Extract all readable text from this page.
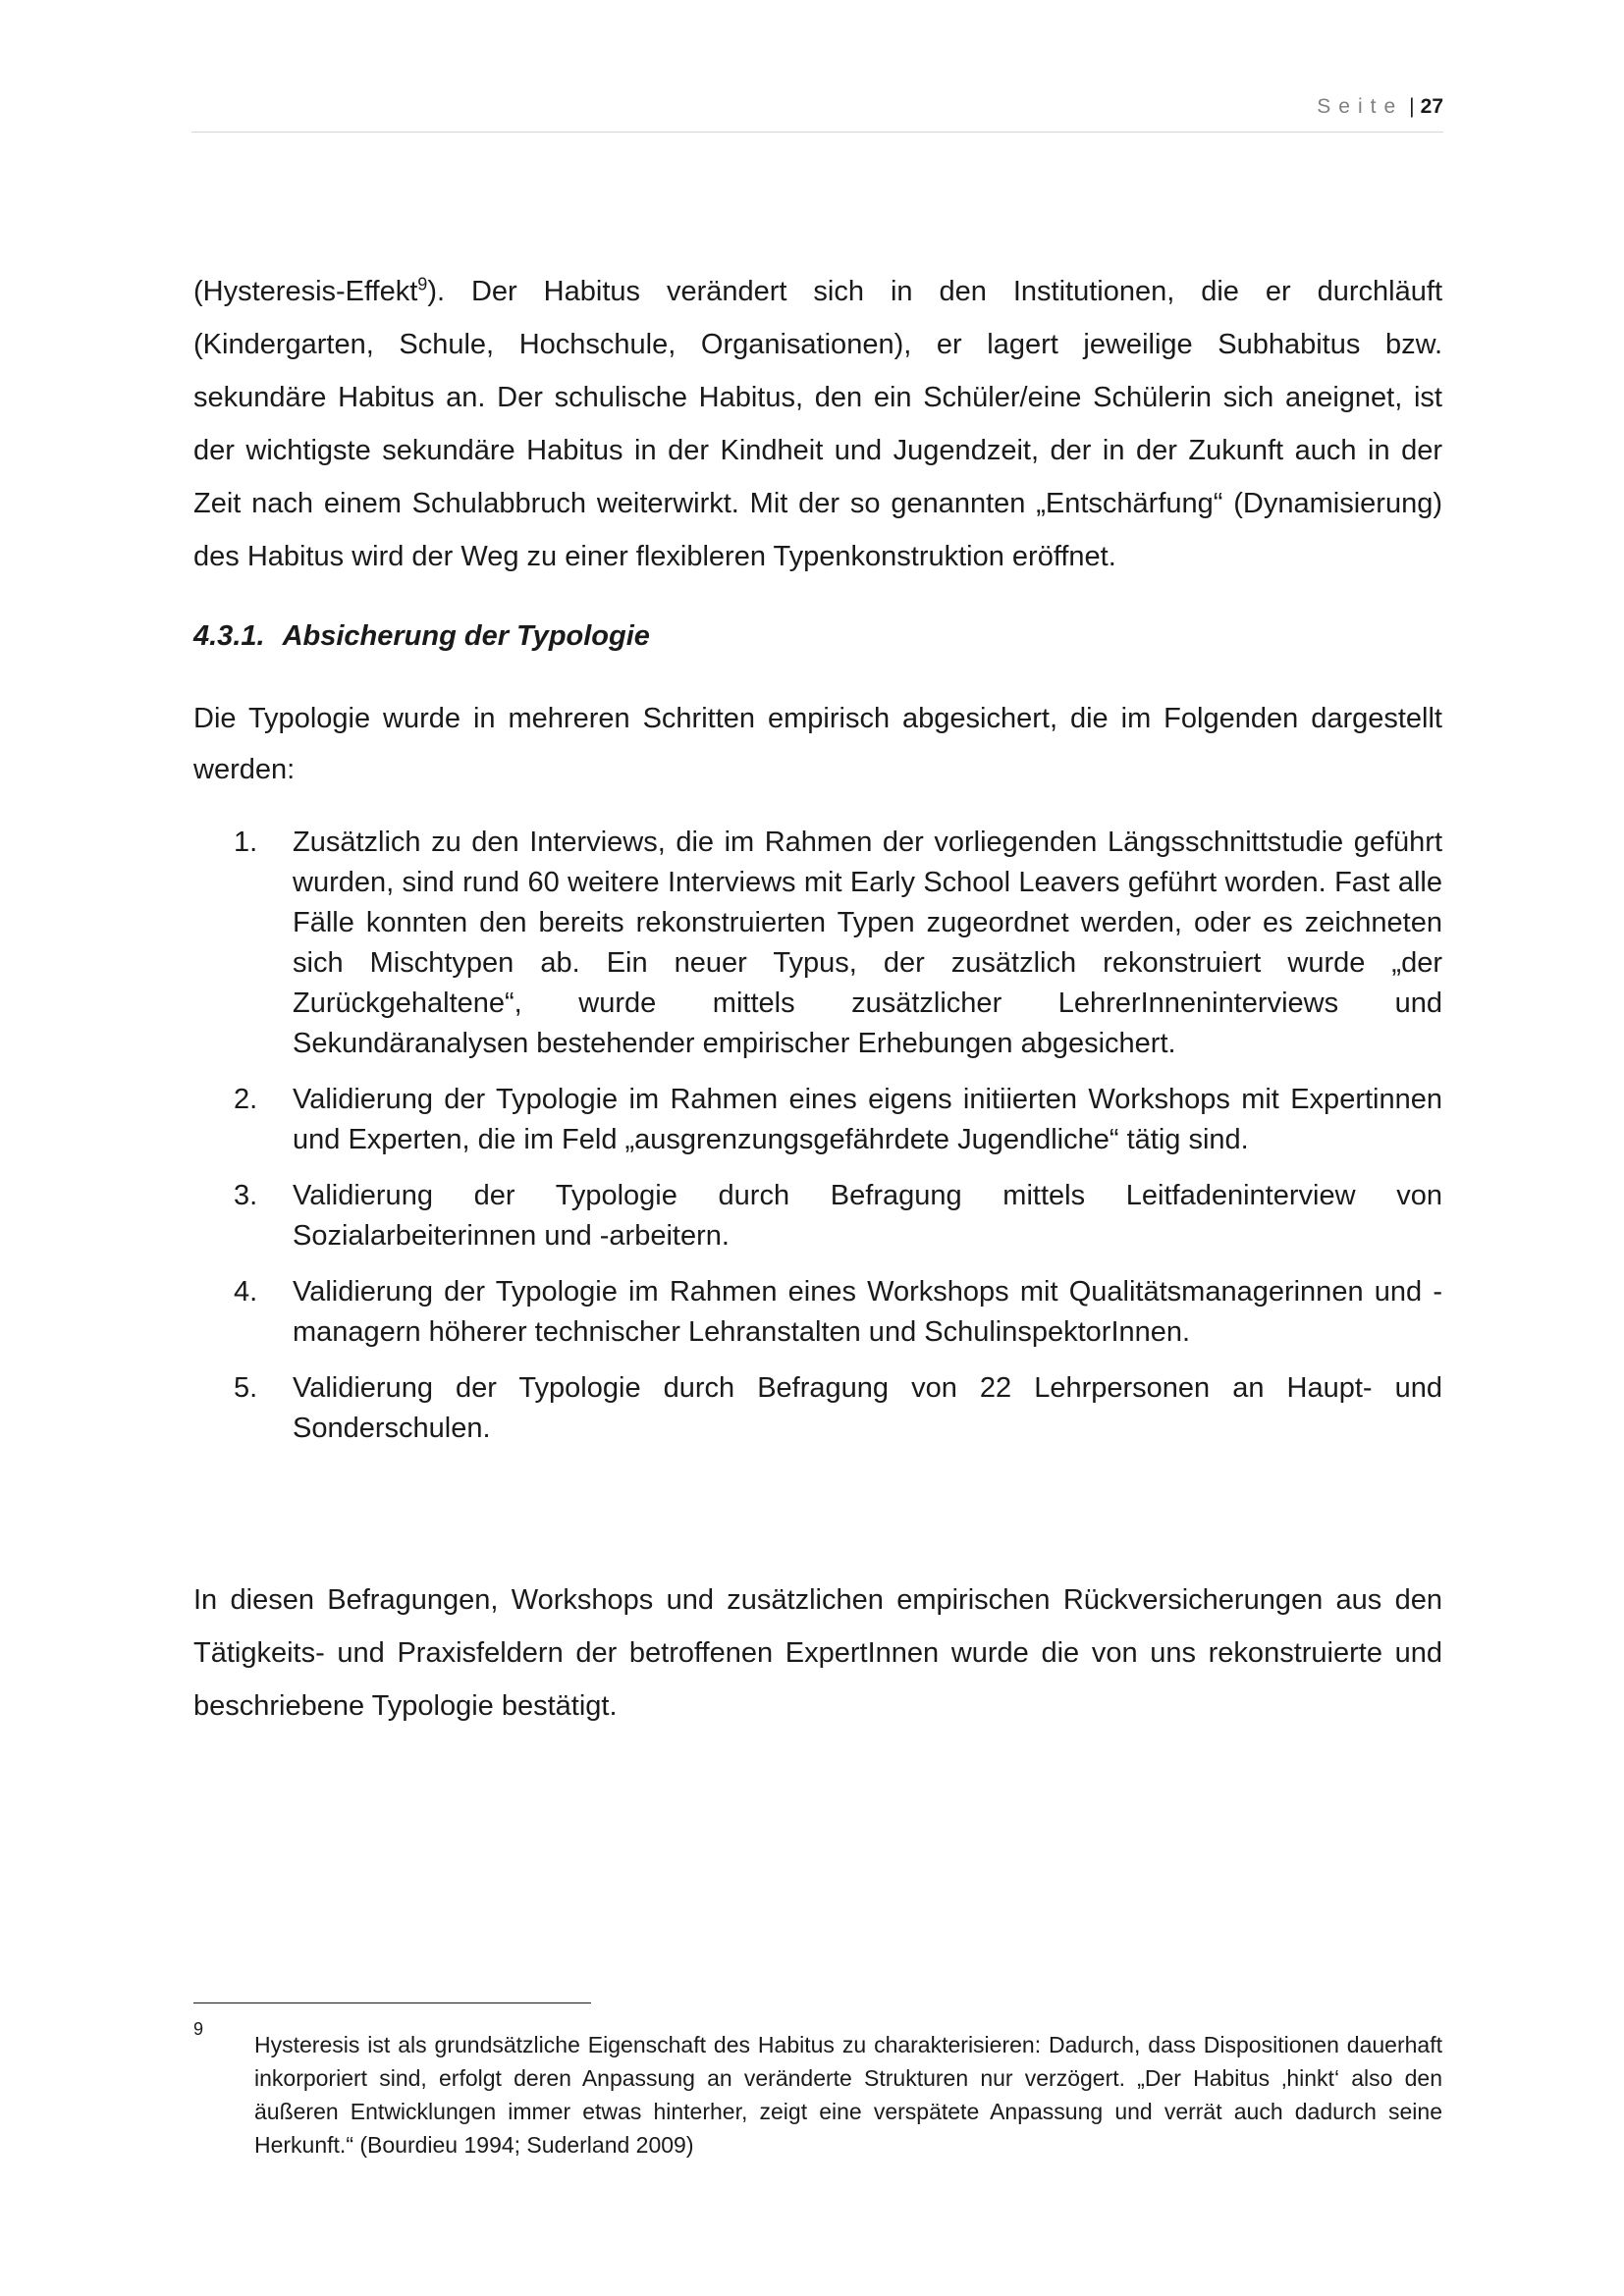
Seite | 27

(Hysteresis-Effekt$^9$). Der Habitus verändert sich in den Institutionen, die er durchläuft (Kindergarten, Schule, Hochschule, Organisationen), er lagert jeweilige Subhabitus bzw. sekundäre Habitus an. Der schulische Habitus, den ein Schüler/eine Schülerin sich aneignet, ist der wichtigste sekundäre Habitus in der Kindheit und Jugendzeit, der in der Zukunft auch in der Zeit nach einem Schulabbruch weiterwirkt. Mit der so genannten „Entschärfung“ (Dynamisierung) des Habitus wird der Weg zu einer flexibleren Typenkonstruktion eröffnet.

4.3.1. Absicherung der Typologie

Die Typologie wurde in mehreren Schritten empirisch abgesichert, die im Folgenden dargestellt werden:

1. Zusätzlich zu den Interviews, die im Rahmen der vorliegenden Längsschnittstudie geführt wurden, sind rund 60 weitere Interviews mit Early School Leavers geführt worden. Fast alle Fälle konnten den bereits rekonstruierten Typen zugeordnet werden, oder es zeichneten sich Mischtypen ab. Ein neuer Typus, der zusätzlich rekonstruiert wurde „der Zurückgehaltene“, wurde mittels zusätzlicher LehrerInneninterviews und Sekundäranalysen bestehender empirischer Erhebungen abgesichert.
2. Validierung der Typologie im Rahmen eines eigens initiierten Workshops mit Expertinnen und Experten, die im Feld „ausgrenzungsgefährdete Jugendliche“ tätig sind.
3. Validierung der Typologie durch Befragung mittels Leitfadeninterview von Sozialarbeiterinnen und -arbeitern.
4. Validierung der Typologie im Rahmen eines Workshops mit Qualitätsmanagerinnen und -managern höherer technischer Lehranstalten und SchulinspektorInnen.
5. Validierung der Typologie durch Befragung von 22 Lehrpersonen an Haupt- und Sonderschulen.

In diesen Befragungen, Workshops und zusätzlichen empirischen Rückversicherungen aus den Tätigkeits- und Praxisfeldern der betroffenen ExpertInnen wurde die von uns rekonstruierte und beschriebene Typologie bestätigt.

9
Hysteresis ist als grundsätzliche Eigenschaft des Habitus zu charakterisieren: Dadurch, dass Dispositionen dauerhaft inkorporiert sind, erfolgt deren Anpassung an veränderte Strukturen nur verzögert. „Der Habitus ‚hinkt‘ also den äußeren Entwicklungen immer etwas hinterher, zeigt eine verspätete Anpassung und verrät auch dadurch seine Herkunft.“ (Bourdieu 1994; Suderland 2009)
